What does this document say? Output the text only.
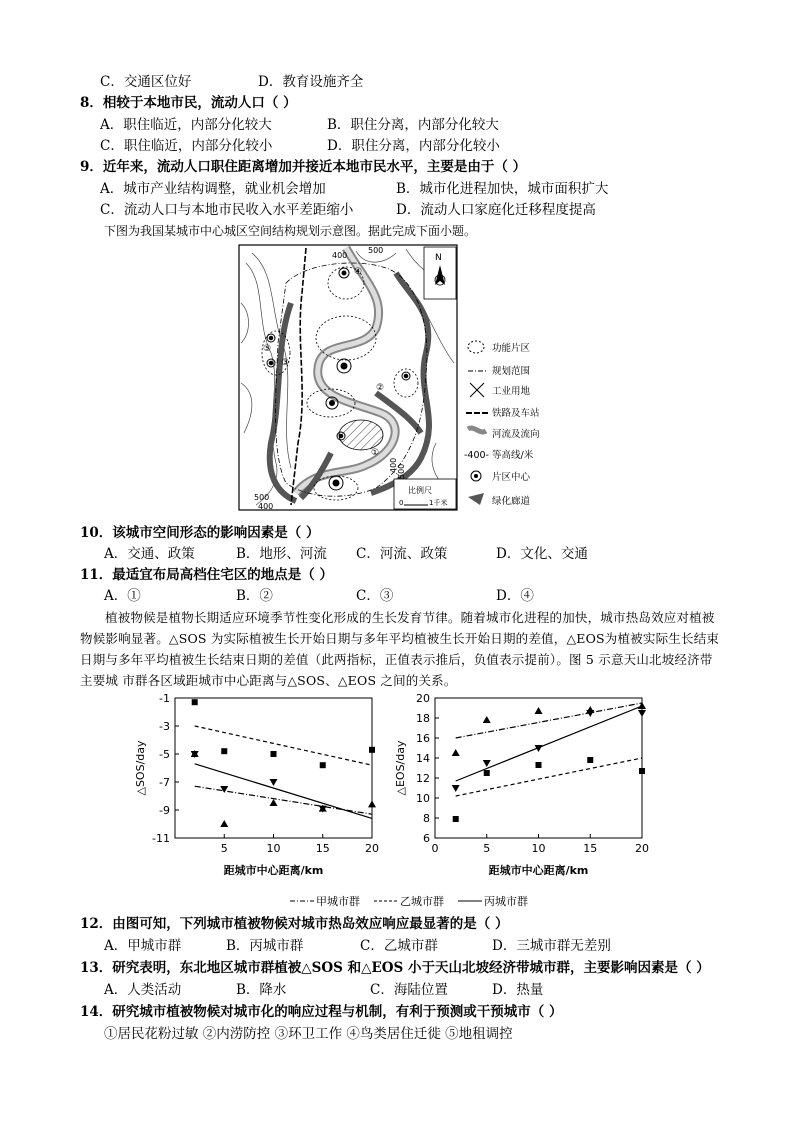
C．交通区位好	D．教育设施齐全
8．相较于本地市民，流动人口（ ）
A．职住临近，内部分化较大	B．职住分离，内部分化较大
C．职住临近，内部分化较小	D．职住分离，内部分化较小
9．近年来，流动人口职住距离增加并接近本地市民水平，主要是由于（ ）
A．城市产业结构调整，就业机会增加	B．城市化进程加快，城市面积扩大
C．流动人口与本地市民收入水平差距缩小	D．流动人口家庭化迁移程度提高
下图为我国某城市中心城区空间结构规划示意图。据此完成下面小题。
④
②
①
⑤
③
400
500
500
400
400 500
N
比例尺
0	1千米
功能片区
规划范围
工业用地
铁路及车站
河流及流向
-400- 等高线/米
片区中心
绿化廊道
10．该城市空间形态的影响因素是（ ）
A．交通、政策	B．地形、河流 C．河流、政策	D．文化、交通
11．最适宜布局高档住宅区的地点是（ ）
A．①	B．②	C．③	D．④
植被物候是植物长期适应环境季节性变化形成的生长发育节律。随着城市化进程的加快，城市热岛效应对植被物候影响显著。△SOS 为实际植被生长开始日期与多年平均植被生长开始日期的差值，△EOS为植被实际生长结束日期与多年平均植被生长结束日期的差值（此两指标，正值表示推后，负值表示提前）。图 5 示意天山北坡经济带主要城 市群各区域距城市中心距离与△SOS、△EOS 之间的关系。
-1
-3
-5
-7
-9
-11
5	10	15	20
距城市中心距离/km
△SOS/day
6
8
10
12
14
16
18
20
0	5	10	15	20
距城市中心距离/km
△EOS/day
甲城市群	乙城市群	丙城市群
12．由图可知，下列城市植被物候对城市热岛效应响应最显著的是（ ）
A．甲城市群	B．丙城市群	C．乙城市群	D．三城市群无差别
13．研究表明，东北地区城市群植被△SOS 和△EOS 小于天山北坡经济带城市群，主要影响因素是（ ）
A．人类活动	B．降水	C．海陆位置	D．热量
14．研究城市植被物候对城市化的响应过程与机制，有利于预测或干预城市（ ）
①居民花粉过敏 ②内涝防控 ③环卫工作 ④鸟类居住迁徙 ⑤地租调控
